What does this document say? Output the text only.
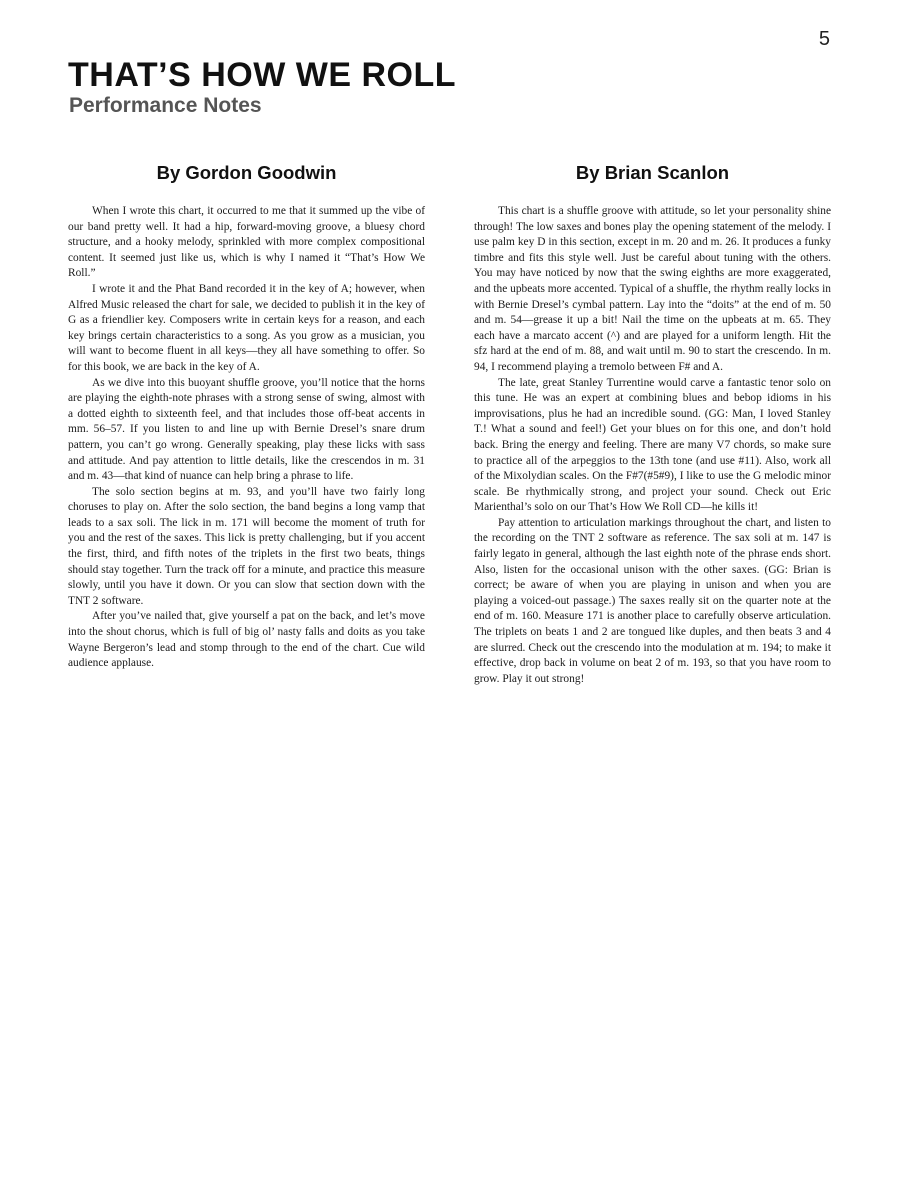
5
THAT’S HOW WE ROLL
Performance Notes
By Gordon Goodwin

When I wrote this chart, it occurred to me that it summed up the vibe of our band pretty well. It had a hip, forward-moving groove, a bluesy chord structure, and a hooky melody, sprinkled with more complex compositional content. It seemed just like us, which is why I named it “That’s How We Roll.”

I wrote it and the Phat Band recorded it in the key of A; however, when Alfred Music released the chart for sale, we decided to publish it in the key of G as a friendlier key. Composers write in certain keys for a reason, and each key brings certain characteristics to a song. As you grow as a musician, you will want to become fluent in all keys—they all have something to offer. So for this book, we are back in the key of A.

As we dive into this buoyant shuffle groove, you’ll notice that the horns are playing the eighth-note phrases with a strong sense of swing, almost with a dotted eighth to sixteenth feel, and that includes those off-beat accents in mm. 56–57. If you listen to and line up with Bernie Dresel’s snare drum pattern, you can’t go wrong. Generally speaking, play these licks with sass and attitude. And pay attention to little details, like the crescendos in m. 31 and m. 43—that kind of nuance can help bring a phrase to life.

The solo section begins at m. 93, and you’ll have two fairly long choruses to play on. After the solo section, the band begins a long vamp that leads to a sax soli. The lick in m. 171 will become the moment of truth for you and the rest of the saxes. This lick is pretty challenging, but if you accent the first, third, and fifth notes of the triplets in the first two beats, things should stay together. Turn the track off for a minute, and practice this measure slowly, until you have it down. Or you can slow that section down with the TNT 2 software.

After you’ve nailed that, give yourself a pat on the back, and let’s move into the shout chorus, which is full of big ol’ nasty falls and doits as you take Wayne Bergeron’s lead and stomp through to the end of the chart. Cue wild audience applause.

By Brian Scanlon

This chart is a shuffle groove with attitude, so let your personality shine through! The low saxes and bones play the opening statement of the melody. I use palm key D in this section, except in m. 20 and m. 26. It produces a funky timbre and fits this style well. Just be careful about tuning with the others. You may have noticed by now that the swing eighths are more exaggerated, and the upbeats more accented. Typical of a shuffle, the rhythm really locks in with Bernie Dresel’s cymbal pattern. Lay into the “doits” at the end of m. 50 and m. 54—grease it up a bit! Nail the time on the upbeats at m. 65. They each have a marcato accent (^) and are played for a uniform length. Hit the sfz hard at the end of m. 88, and wait until m. 90 to start the crescendo. In m. 94, I recommend playing a tremolo between F# and A.

The late, great Stanley Turrentine would carve a fantastic tenor solo on this tune. He was an expert at combining blues and bebop idioms in his improvisations, plus he had an incredible sound. (GG: Man, I loved Stanley T.! What a sound and feel!) Get your blues on for this one, and don’t hold back. Bring the energy and feeling. There are many V7 chords, so make sure to practice all of the arpeggios to the 13th tone (and use #11). Also, work all of the Mixolydian scales. On the F#7(#5#9), I like to use the G melodic minor scale. Be rhythmically strong, and project your sound. Check out Eric Marienthal’s solo on our That’s How We Roll CD—he kills it!

Pay attention to articulation markings throughout the chart, and listen to the recording on the TNT 2 software as reference. The sax soli at m. 147 is fairly legato in general, although the last eighth note of the phrase ends short. Also, listen for the occasional unison with the other saxes. (GG: Brian is correct; be aware of when you are playing in unison and when you are playing a voiced-out passage.) The saxes really sit on the quarter note at the end of m. 160. Measure 171 is another place to carefully observe articulation. The triplets on beats 1 and 2 are tongued like duples, and then beats 3 and 4 are slurred. Check out the crescendo into the modulation at m. 194; to make it effective, drop back in volume on beat 2 of m. 193, so that you have room to grow. Play it out strong!
